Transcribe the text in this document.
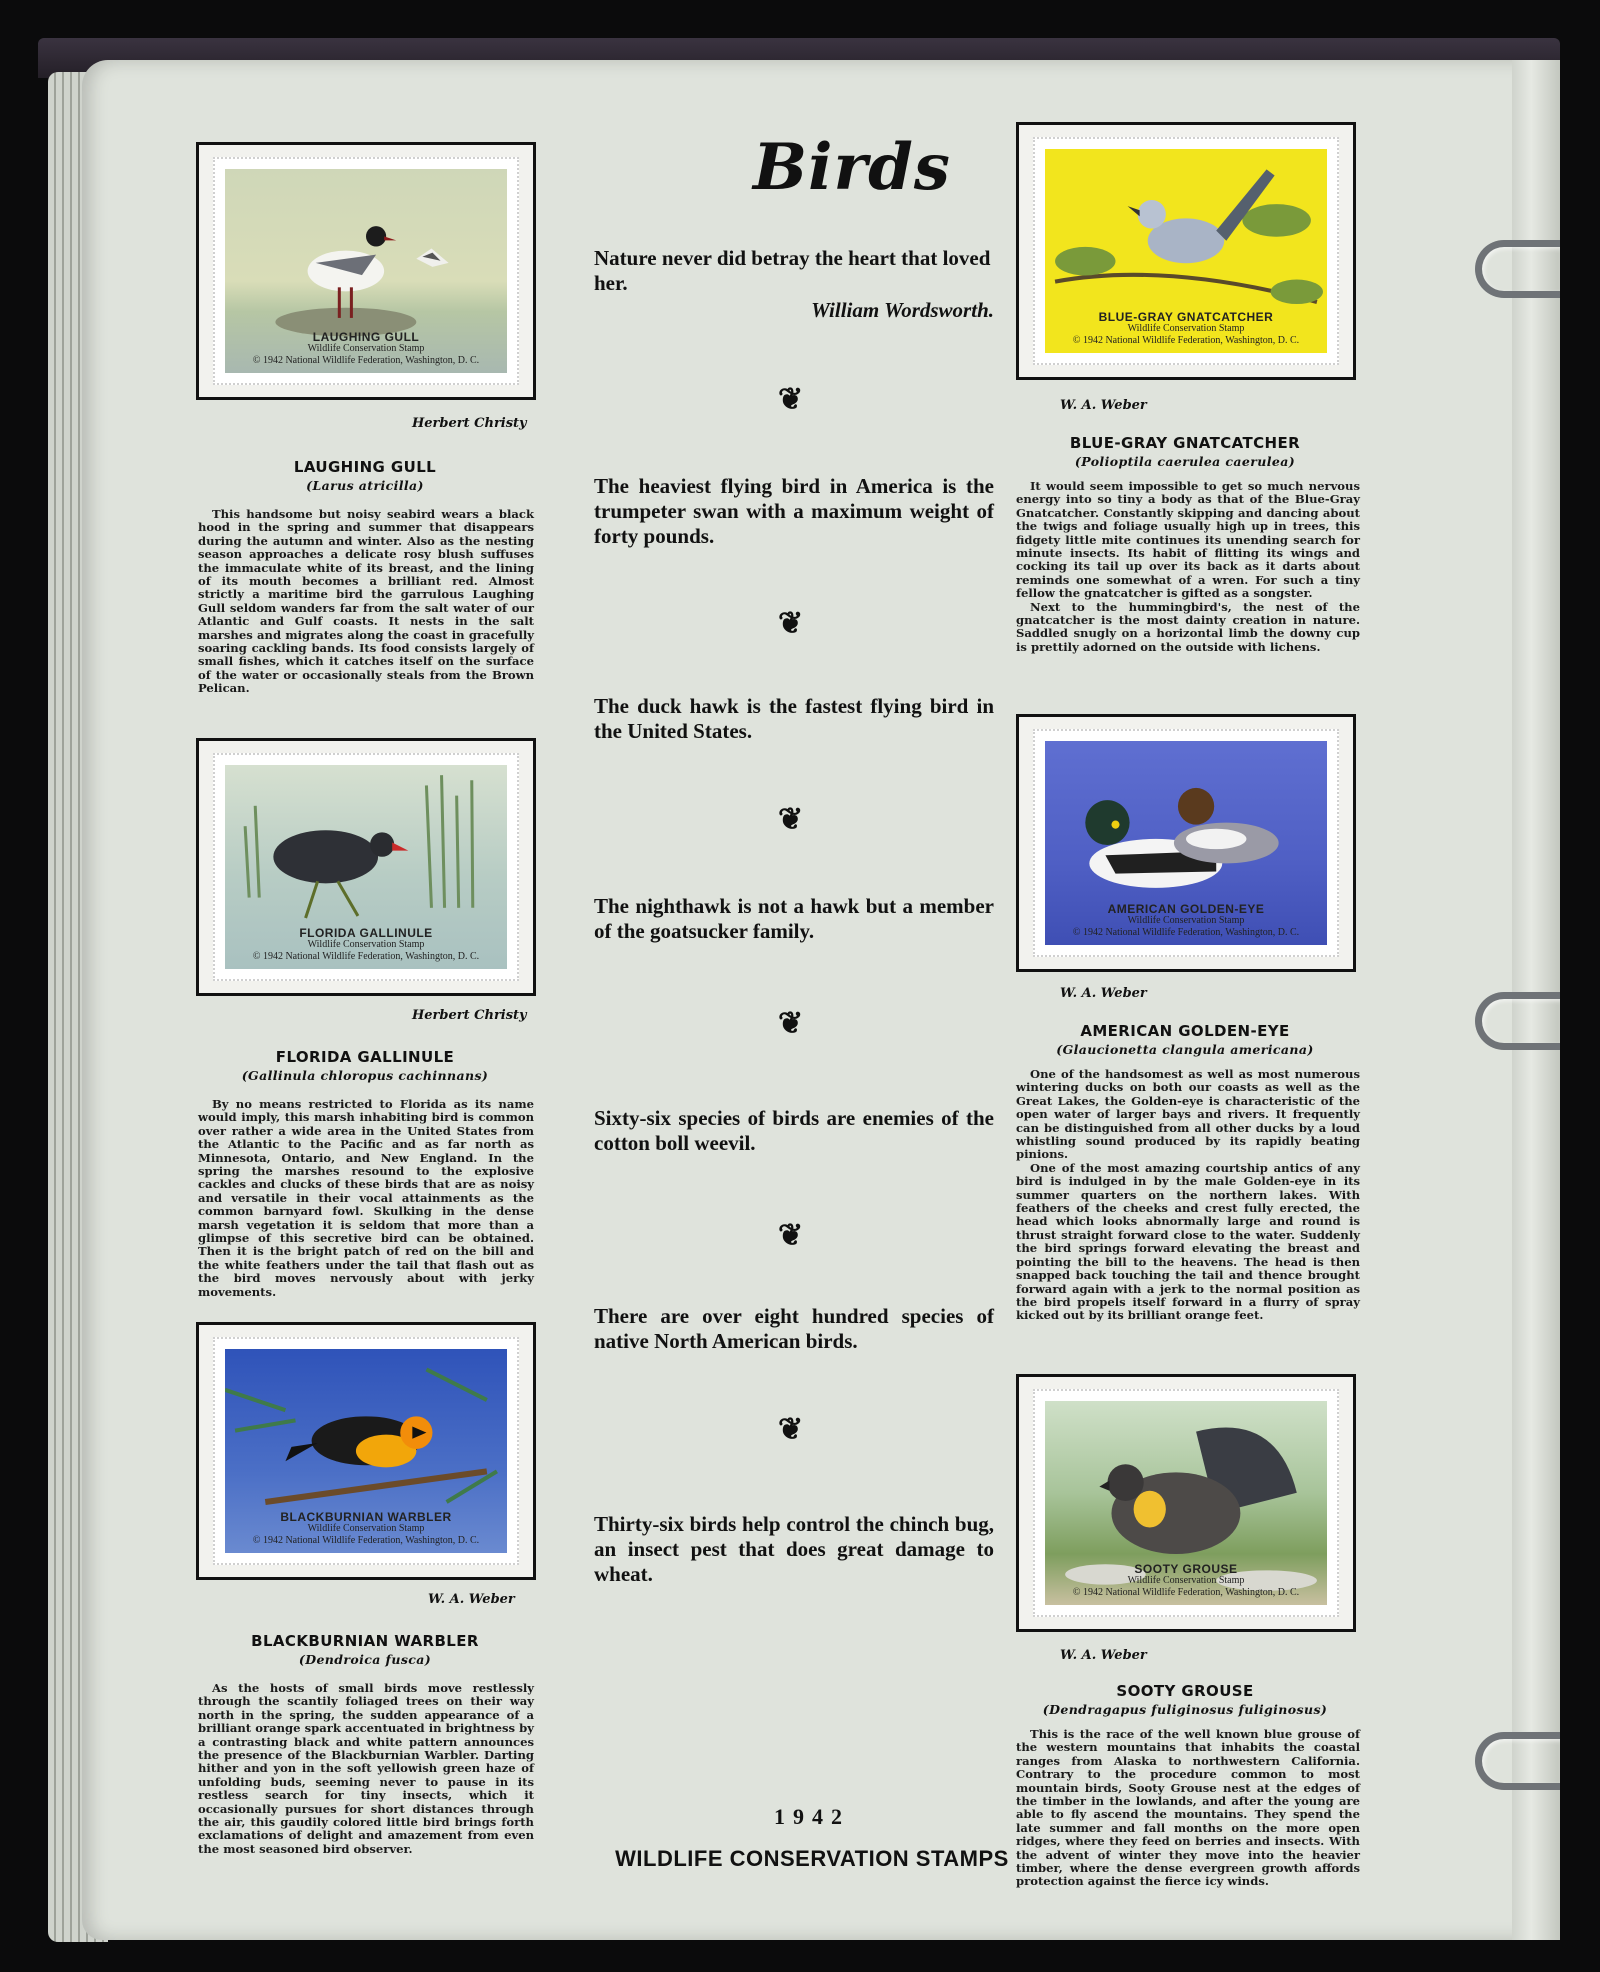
Birds
Nature never did betray the heart that loved her.
William Wordsworth.
❦
The heaviest flying bird in America is the trumpeter swan with a maximum weight of forty pounds.
❦
The duck hawk is the fastest flying bird in the United States.
❦
The nighthawk is not a hawk but a member of the goatsucker family.
❦
Sixty-six species of birds are enemies of the cotton boll weevil.
❦
There are over eight hundred species of native North American birds.
❦
Thirty-six birds help control the chinch bug, an insect pest that does great damage to wheat.
1942
WILDLIFE CONSERVATION STAMPS
LAUGHING GULL
Wildlife Conservation Stamp
© 1942 National Wildlife Federation, Washington, D. C.
Herbert Christy
LAUGHING GULL
(Larus atricilla)

This handsome but noisy seabird wears a black hood in the spring and summer that disappears during the autumn and winter. Also as the nesting season approaches a delicate rosy blush suffuses the immaculate white of its breast, and the lining of its mouth becomes a brilliant red. Almost strictly a maritime bird the garrulous Laughing Gull seldom wanders far from the salt water of our Atlantic and Gulf coasts. It nests in the salt marshes and migrates along the coast in gracefully soaring cackling bands. Its food consists largely of small fishes, which it catches itself on the surface of the water or occasionally steals from the Brown Pelican.

FLORIDA GALLINULE
Wildlife Conservation Stamp
© 1942 National Wildlife Federation, Washington, D. C.
Herbert Christy
FLORIDA GALLINULE
(Gallinula chloropus cachinnans)

By no means restricted to Florida as its name would imply, this marsh inhabiting bird is common over rather a wide area in the United States from the Atlantic to the Pacific and as far north as Minnesota, Ontario, and New England. In the spring the marshes resound to the explosive cackles and clucks of these birds that are as noisy and versatile in their vocal attainments as the common barnyard fowl. Skulking in the dense marsh vegetation it is seldom that more than a glimpse of this secretive bird can be obtained. Then it is the bright patch of red on the bill and the white feathers under the tail that flash out as the bird moves nervously about with jerky movements.

BLACKBURNIAN WARBLER
Wildlife Conservation Stamp
© 1942 National Wildlife Federation, Washington, D. C.
W. A. Weber
BLACKBURNIAN WARBLER
(Dendroica fusca)

As the hosts of small birds move restlessly through the scantily foliaged trees on their way north in the spring, the sudden appearance of a brilliant orange spark accentuated in brightness by a contrasting black and white pattern announces the presence of the Blackburnian Warbler. Darting hither and yon in the soft yellowish green haze of unfolding buds, seeming never to pause in its restless search for tiny insects, which it occasionally pursues for short distances through the air, this gaudily colored little bird brings forth exclamations of delight and amazement from even the most seasoned bird observer.

BLUE-GRAY GNATCATCHER
Wildlife Conservation Stamp
© 1942 National Wildlife Federation, Washington, D. C.
W. A. Weber
BLUE-GRAY GNATCATCHER
(Polioptila caerulea caerulea)

It would seem impossible to get so much nervous energy into so tiny a body as that of the Blue-Gray Gnatcatcher. Constantly skipping and dancing about the twigs and foliage usually high up in trees, this fidgety little mite continues its unending search for minute insects. Its habit of flitting its wings and cocking its tail up over its back as it darts about reminds one somewhat of a wren. For such a tiny fellow the gnatcatcher is gifted as a songster.

Next to the hummingbird's, the nest of the gnatcatcher is the most dainty creation in nature. Saddled snugly on a horizontal limb the downy cup is prettily adorned on the outside with lichens.

AMERICAN GOLDEN-EYE
Wildlife Conservation Stamp
© 1942 National Wildlife Federation, Washington, D. C.
W. A. Weber
AMERICAN GOLDEN-EYE
(Glaucionetta clangula americana)

One of the handsomest as well as most numerous wintering ducks on both our coasts as well as the Great Lakes, the Golden-eye is characteristic of the open water of larger bays and rivers. It frequently can be distinguished from all other ducks by a loud whistling sound produced by its rapidly beating pinions.

One of the most amazing courtship antics of any bird is indulged in by the male Golden-eye in its summer quarters on the northern lakes. With feathers of the cheeks and crest fully erected, the head which looks abnormally large and round is thrust straight forward close to the water. Suddenly the bird springs forward elevating the breast and pointing the bill to the heavens. The head is then snapped back touching the tail and thence brought forward again with a jerk to the normal position as the bird propels itself forward in a flurry of spray kicked out by its brilliant orange feet.

SOOTY GROUSE
Wildlife Conservation Stamp
© 1942 National Wildlife Federation, Washington, D. C.
W. A. Weber
SOOTY GROUSE
(Dendragapus fuliginosus fuliginosus)

This is the race of the well known blue grouse of the western mountains that inhabits the coastal ranges from Alaska to northwestern California. Contrary to the procedure common to most mountain birds, Sooty Grouse nest at the edges of the timber in the lowlands, and after the young are able to fly ascend the mountains. They spend the late summer and fall months on the more open ridges, where they feed on berries and insects. With the advent of winter they move into the heavier timber, where the dense evergreen growth affords protection against the fierce icy winds.
